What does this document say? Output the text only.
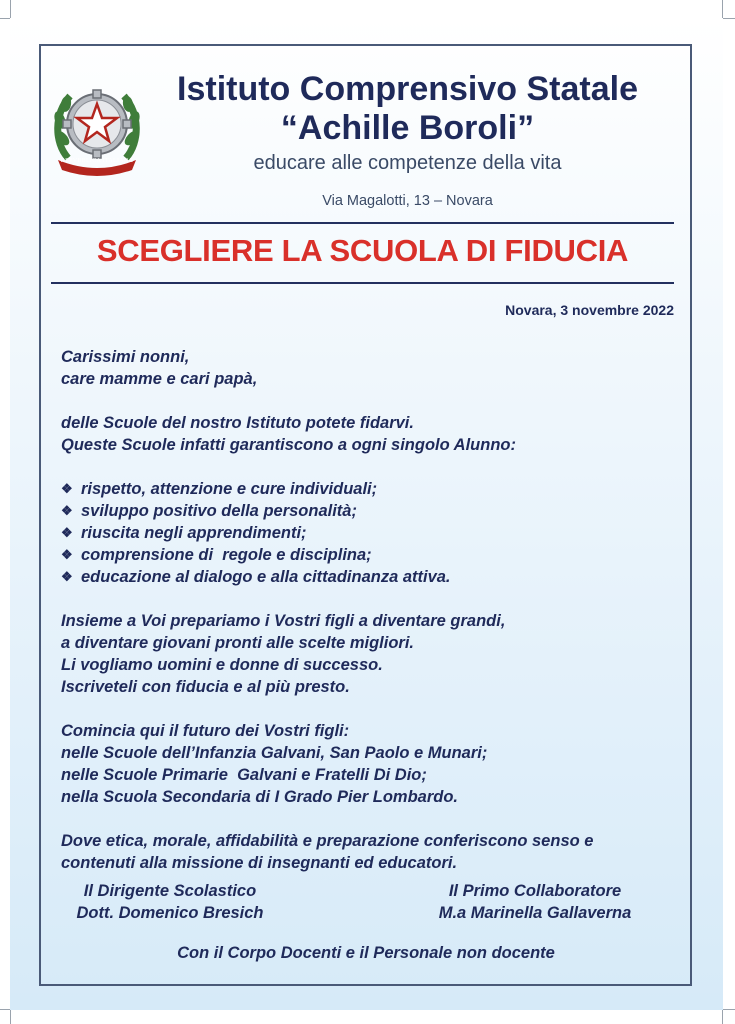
REPVBBLICA ITALIANA
Istituto Comprensivo Statale
“Achille Boroli”
educare alle competenze della vita
Via Magalotti, 13 – Novara
SCEGLIERE LA SCUOLA DI FIDUCIA
Novara, 3 novembre 2022

Carissimi nonni,

care mamme e cari papà,

delle Scuole del nostro Istituto potete fidarvi.

Queste Scuole infatti garantiscono a ogni singolo Alunno:

❖ rispetto, attenzione e cure individuali;

❖ sviluppo positivo della personalità;

❖ riuscita negli apprendimenti;

❖ comprensione di  regole e disciplina;

❖ educazione al dialogo e alla cittadinanza attiva.

Insieme a Voi prepariamo i Vostri figli a diventare grandi,

a diventare giovani pronti alle scelte migliori.

Li vogliamo uomini e donne di successo.

Iscriveteli con fiducia e al più presto.

Comincia qui il futuro dei Vostri figli:

nelle Scuole dell’Infanzia Galvani, San Paolo e Munari;

nelle Scuole Primarie  Galvani e Fratelli Di Dio;

nella Scuola Secondaria di I Grado Pier Lombardo.

Dove etica, morale, affidabilità e preparazione conferiscono senso e

contenuti alla missione di insegnanti ed educatori.

Il Dirigente Scolastico
Dott. Domenico Bresich
Il Primo Collaboratore
M.a Marinella Gallaverna
Con il Corpo Docenti e il Personale non docente
